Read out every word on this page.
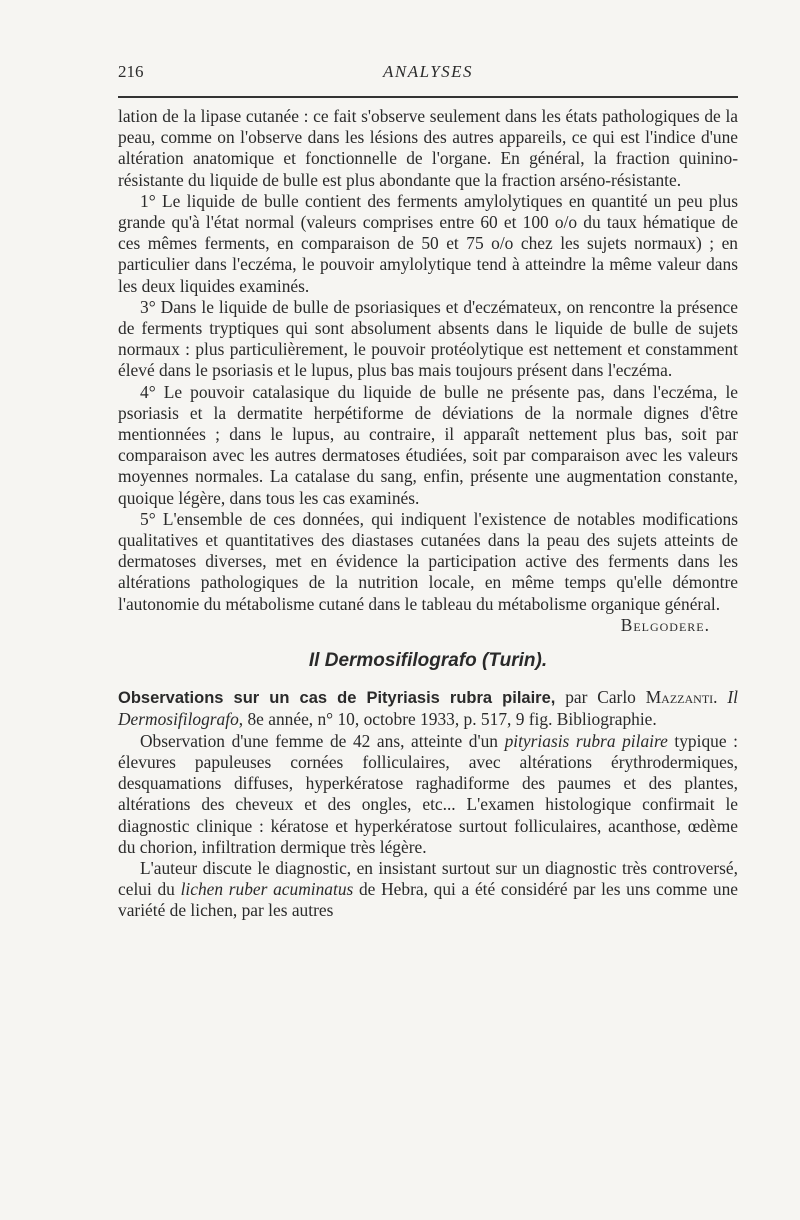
216	ANALYSES

lation de la lipase cutanée : ce fait s'observe seulement dans les états pathologiques de la peau, comme on l'observe dans les lésions des autres appareils, ce qui est l'indice d'une altération anatomique et fonctionnelle de l'organe. En général, la fraction quinino-résistante du liquide de bulle est plus abondante que la fraction arséno-résistante.

1° Le liquide de bulle contient des ferments amylolytiques en quantité un peu plus grande qu'à l'état normal (valeurs comprises entre 60 et 100 o/o du taux hématique de ces mêmes ferments, en comparaison de 50 et 75 o/o chez les sujets normaux) ; en particulier dans l'eczéma, le pouvoir amylolytique tend à atteindre la même valeur dans les deux liquides examinés.

3° Dans le liquide de bulle de psoriasiques et d'eczémateux, on rencontre la présence de ferments tryptiques qui sont absolument absents dans le liquide de bulle de sujets normaux : plus particulièrement, le pouvoir protéolytique est nettement et constamment élevé dans le psoriasis et le lupus, plus bas mais toujours présent dans l'eczéma.

4° Le pouvoir catalasique du liquide de bulle ne présente pas, dans l'eczéma, le psoriasis et la dermatite herpétiforme de déviations de la normale dignes d'être mentionnées ; dans le lupus, au contraire, il apparaît nettement plus bas, soit par comparaison avec les autres dermatoses étudiées, soit par comparaison avec les valeurs moyennes normales. La catalase du sang, enfin, présente une augmentation constante, quoique légère, dans tous les cas examinés.

5° L'ensemble de ces données, qui indiquent l'existence de notables modifications qualitatives et quantitatives des diastases cutanées dans la peau des sujets atteints de dermatoses diverses, met en évidence la participation active des ferments dans les altérations pathologiques de la nutrition locale, en même temps qu'elle démontre l'autonomie du métabolisme cutané dans le tableau du métabolisme organique général.

Belgodere.

Il Dermosifilografo (Turin).

Observations sur un cas de Pityriasis rubra pilaire, par Carlo Mazzanti. Il Dermosifilografo, 8e année, n° 10, octobre 1933, p. 517, 9 fig. Bibliographie.

Observation d'une femme de 42 ans, atteinte d'un pityriasis rubra pilaire typique : élevures papuleuses cornées folliculaires, avec altérations érythrodermiques, desquamations diffuses, hyperkératose raghadiforme des paumes et des plantes, altérations des cheveux et des ongles, etc... L'examen histologique confirmait le diagnostic clinique : kératose et hyperkératose surtout folliculaires, acanthose, œdème du chorion, infiltration dermique très légère.

L'auteur discute le diagnostic, en insistant surtout sur un diagnostic très controversé, celui du lichen ruber acuminatus de Hebra, qui a été considéré par les uns comme une variété de lichen, par les autres
